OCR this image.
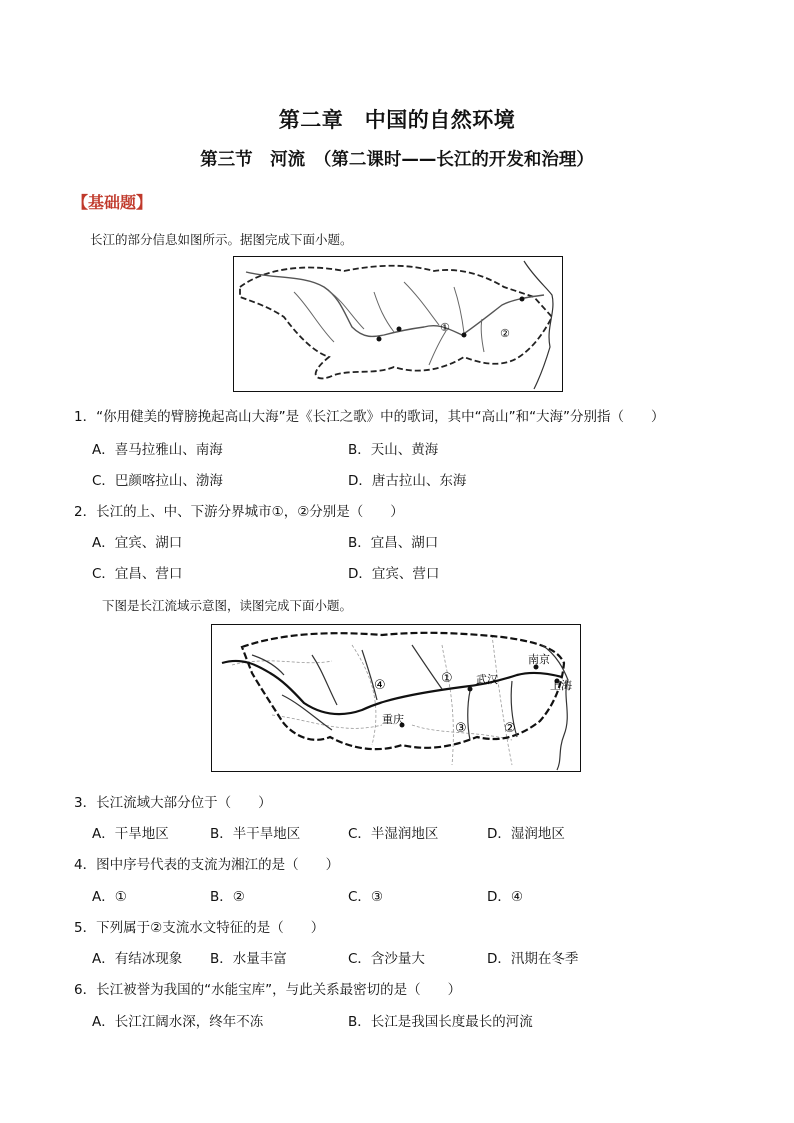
第二章　中国的自然环境
第三节　河流　（第二课时——长江的开发和治理）
【基础题】
长江的部分信息如图所示。据图完成下面小题。
①	②
1．“你用健美的臂膀挽起高山大海”是《长江之歌》中的歌词，其中“高山”和“大海”分别指（　　）
A．喜马拉雅山、南海	B．天山、黄海
C．巴颜喀拉山、渤海	D．唐古拉山、东海
2．长江的上、中、下游分界城市①，②分别是（　　）
A．宜宾、湖口	B．宜昌、湖口
C．宜昌、营口	D．宜宾、营口
下图是长江流域示意图，读图完成下面小题。
④	①
③	②
南京
上海
武汉
重庆
3．长江流域大部分位于（　　）
A．干旱地区	B．半干旱地区	C．半湿润地区	D．湿润地区
4．图中序号代表的支流为湘江的是（　　）
A．①	B．②	C．③	D．④
5．下列属于②支流水文特征的是（　　）
A．有结冰现象 B．水量丰富	C．含沙量大	D．汛期在冬季
6．长江被誉为我国的“水能宝库”，与此关系最密切的是（　　）
A．长江江阔水深，终年不冻	B．长江是我国长度最长的河流
